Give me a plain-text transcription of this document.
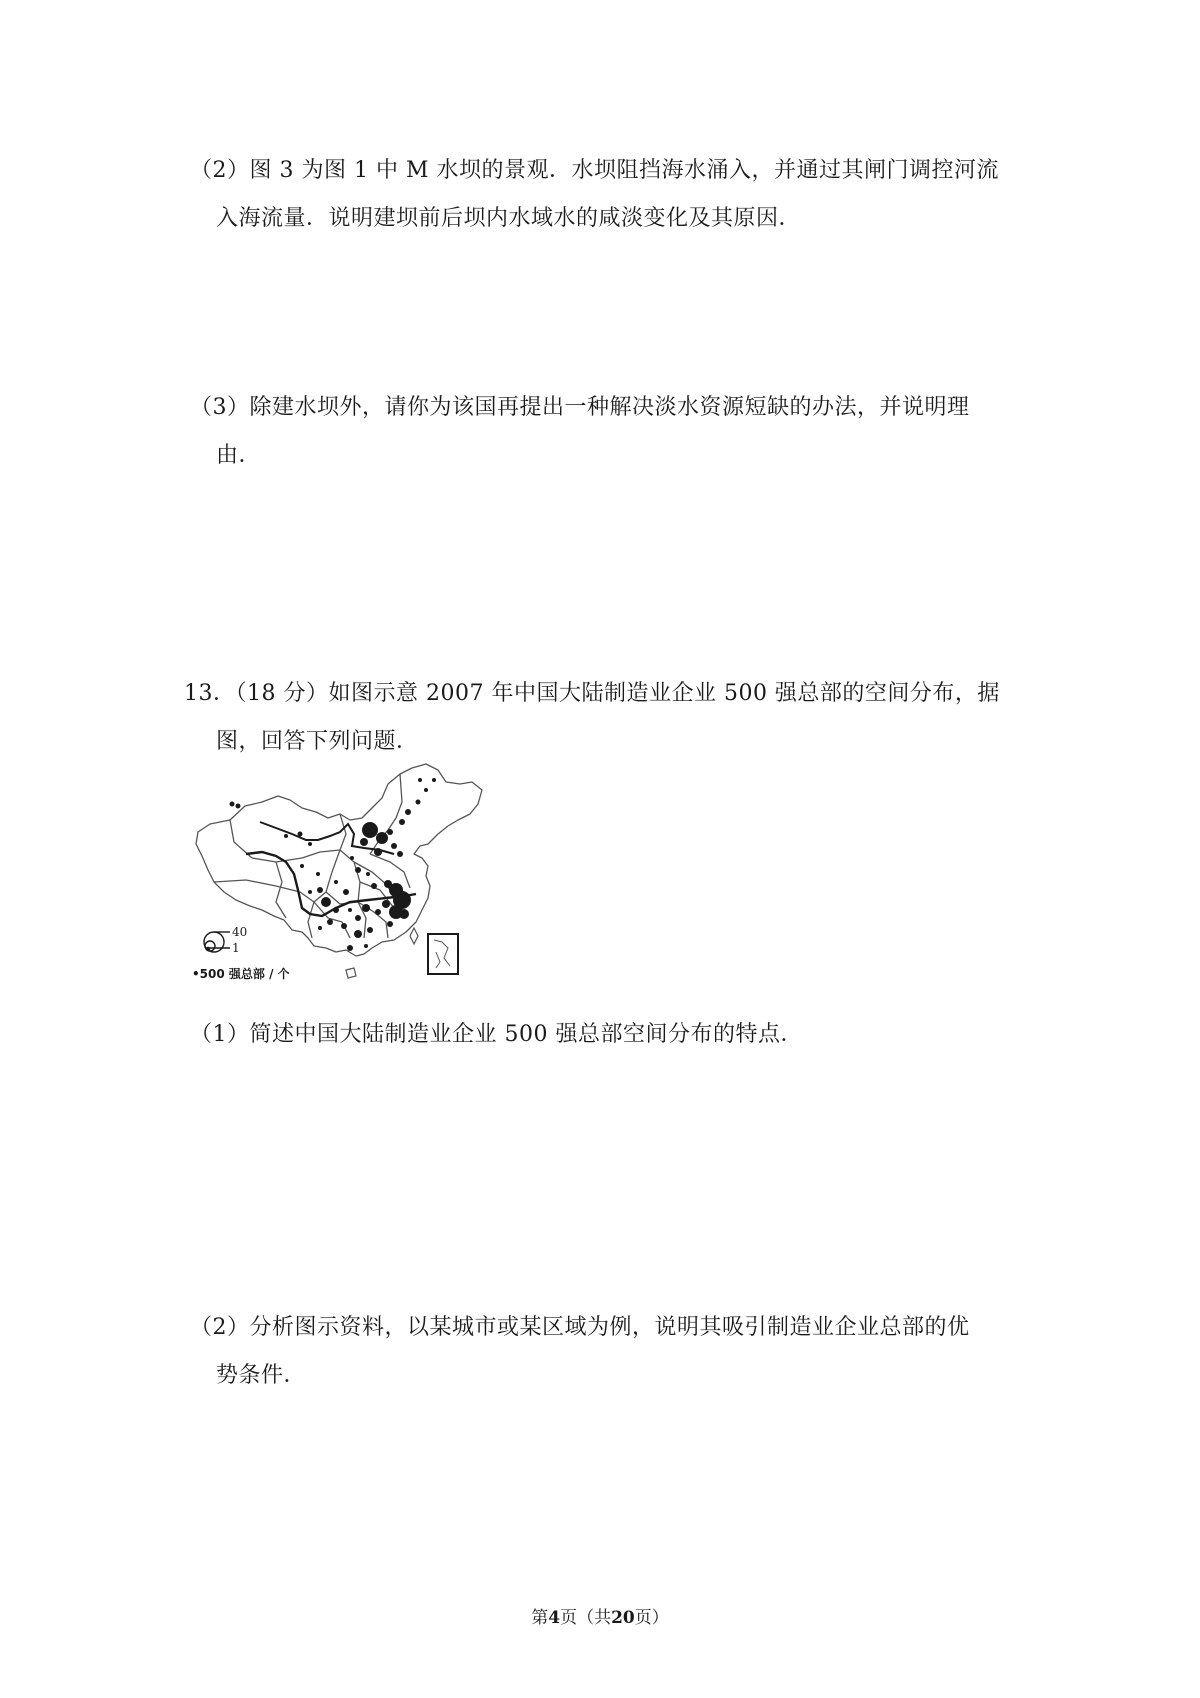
（2）图 3 为图 1 中 M 水坝的景观．水坝阻挡海水涌入，并通过其闸门调控河流
入海流量．说明建坝前后坝内水域水的咸淡变化及其原因．
（3）除建水坝外，请你为该国再提出一种解决淡水资源短缺的办法，并说明理
由．
13．（18 分）如图示意 2007 年中国大陆制造业企业 500 强总部的空间分布，据
图，回答下列问题．
40
1
•500 强总部 / 个
（1）简述中国大陆制造业企业 500 强总部空间分布的特点．
（2）分析图示资料，以某城市或某区域为例，说明其吸引制造业企业总部的优
势条件．
第4页（共20页）
